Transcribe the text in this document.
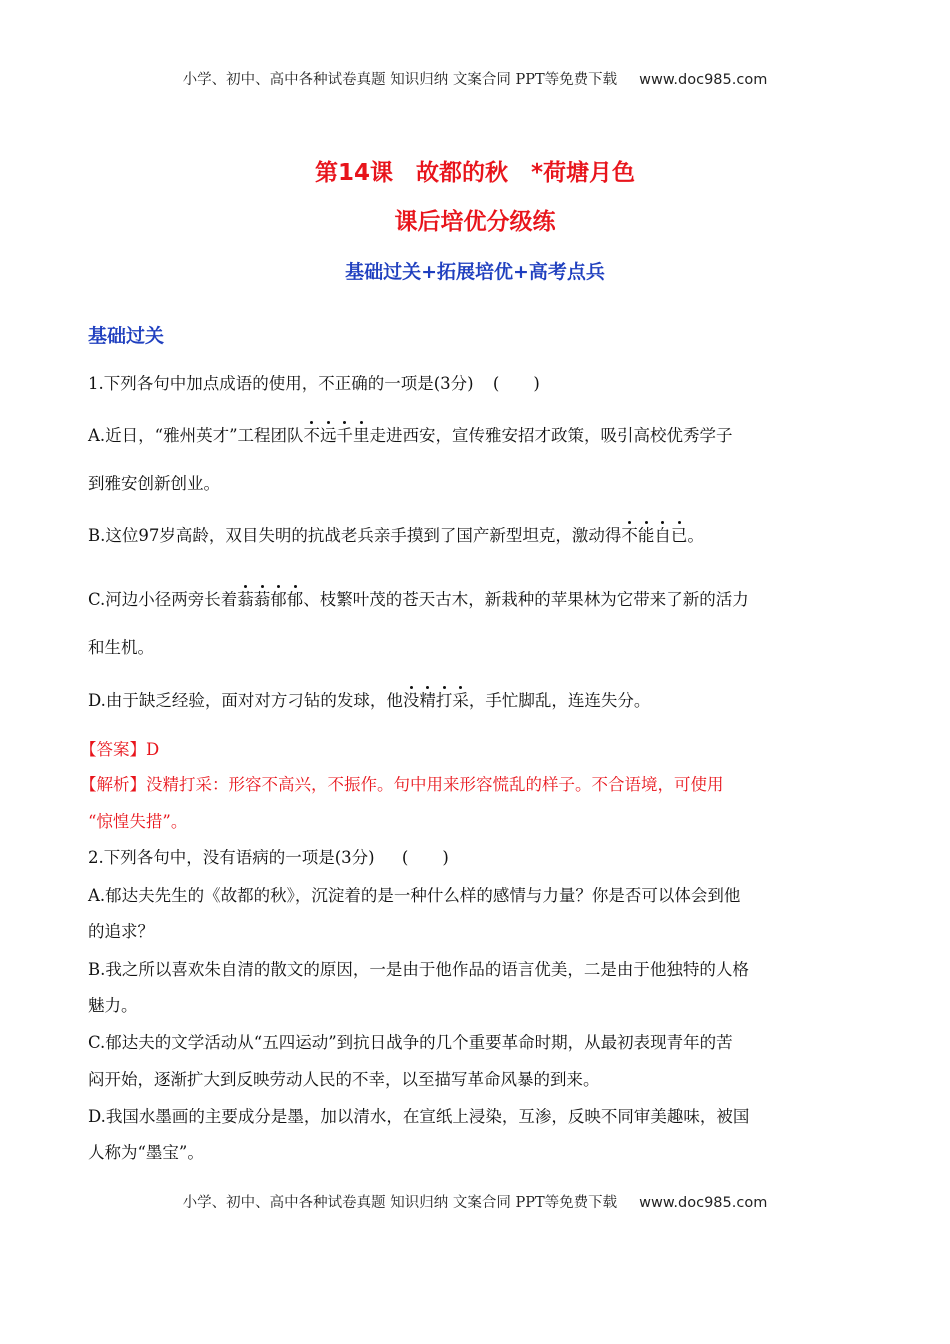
小学、初中、高中各种试卷真题 知识归纳 文案合同 PPT等免费下载 www.doc985.com
第14课　故都的秋　*荷塘月色
课后培优分级练
基础过关+拓展培优+高考点兵
基础过关
1.下列各句中加点成语的使用，不正确的一项是(3分) ( )
A.近日，“雅州英才”工程团队不远千里走进西安，宣传雅安招才政策，吸引高校优秀学子
到雅安创新创业。
B.这位97岁高龄，双目失明的抗战老兵亲手摸到了国产新型坦克，激动得不能自已。
C.河边小径两旁长着蓊蓊郁郁、枝繁叶茂的苍天古木，新栽种的苹果林为它带来了新的活力
和生机。
D.由于缺乏经验，面对对方刁钻的发球，他没精打采，手忙脚乱，连连失分。
【答案】D
【解析】没精打采：形容不高兴，不振作。句中用来形容慌乱的样子。不合语境，可使用
“惊惶失措”。
2.下列各句中，没有语病的一项是(3分) ( )
A.郁达夫先生的《故都的秋》，沉淀着的是一种什么样的感情与力量？你是否可以体会到他
的追求？
B.我之所以喜欢朱自清的散文的原因，一是由于他作品的语言优美，二是由于他独特的人格
魅力。
C.郁达夫的文学活动从“五四运动”到抗日战争的几个重要革命时期，从最初表现青年的苦
闷开始，逐渐扩大到反映劳动人民的不幸，以至描写革命风暴的到来。
D.我国水墨画的主要成分是墨，加以清水，在宣纸上浸染，互渗，反映不同审美趣味，被国
人称为“墨宝”。
小学、初中、高中各种试卷真题 知识归纳 文案合同 PPT等免费下载 www.doc985.com
